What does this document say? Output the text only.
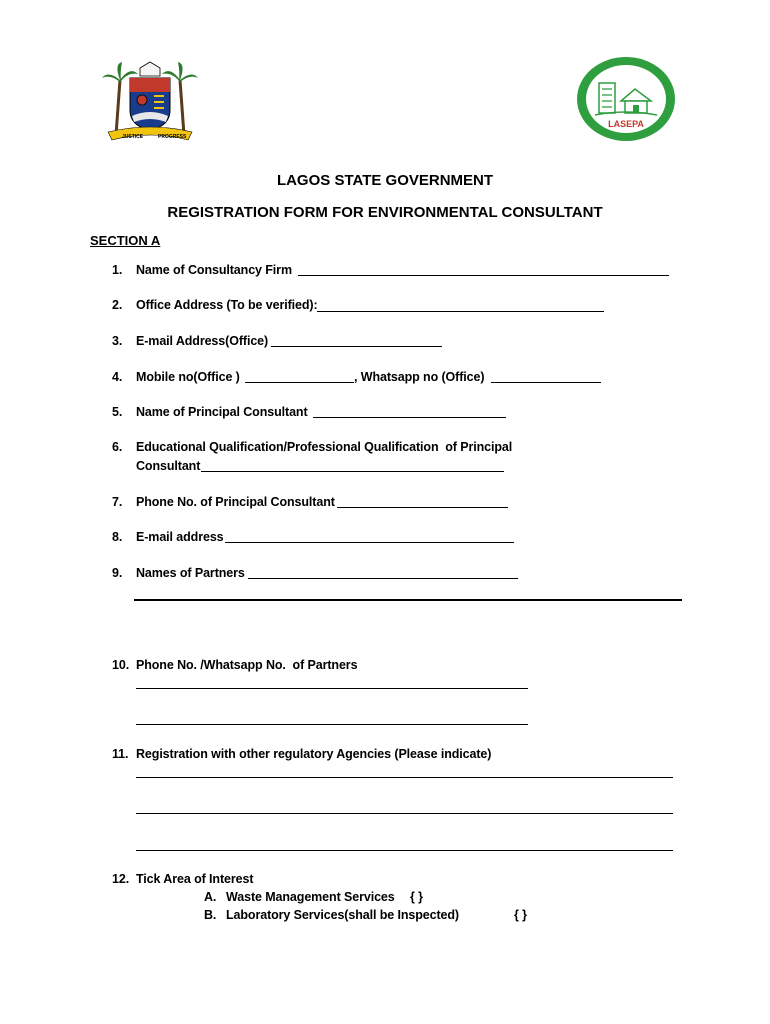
JUSTICE	PROGRESS
LASEPA
LAGOS STATE GOVERNMENT
REGISTRATION FORM FOR ENVIRONMENTAL CONSULTANT
SECTION A
1. Name of Consultancy Firm
2. Office Address (To be verified):
3. E-mail Address(Office)
4. Mobile no(Office )	, Whatsapp no (Office)
5. Name of Principal Consultant
6. Educational Qualification/Professional Qualification  of Principal
Consultant
7. Phone No. of Principal Consultant
8. E-mail address
9. Names of Partners
10. Phone No. /Whatsapp No.  of Partners
11. Registration with other regulatory Agencies (Please indicate)
12. Tick Area of Interest
A. Waste Management Services { }
B. Laboratory Services(shall be Inspected)	{ }
